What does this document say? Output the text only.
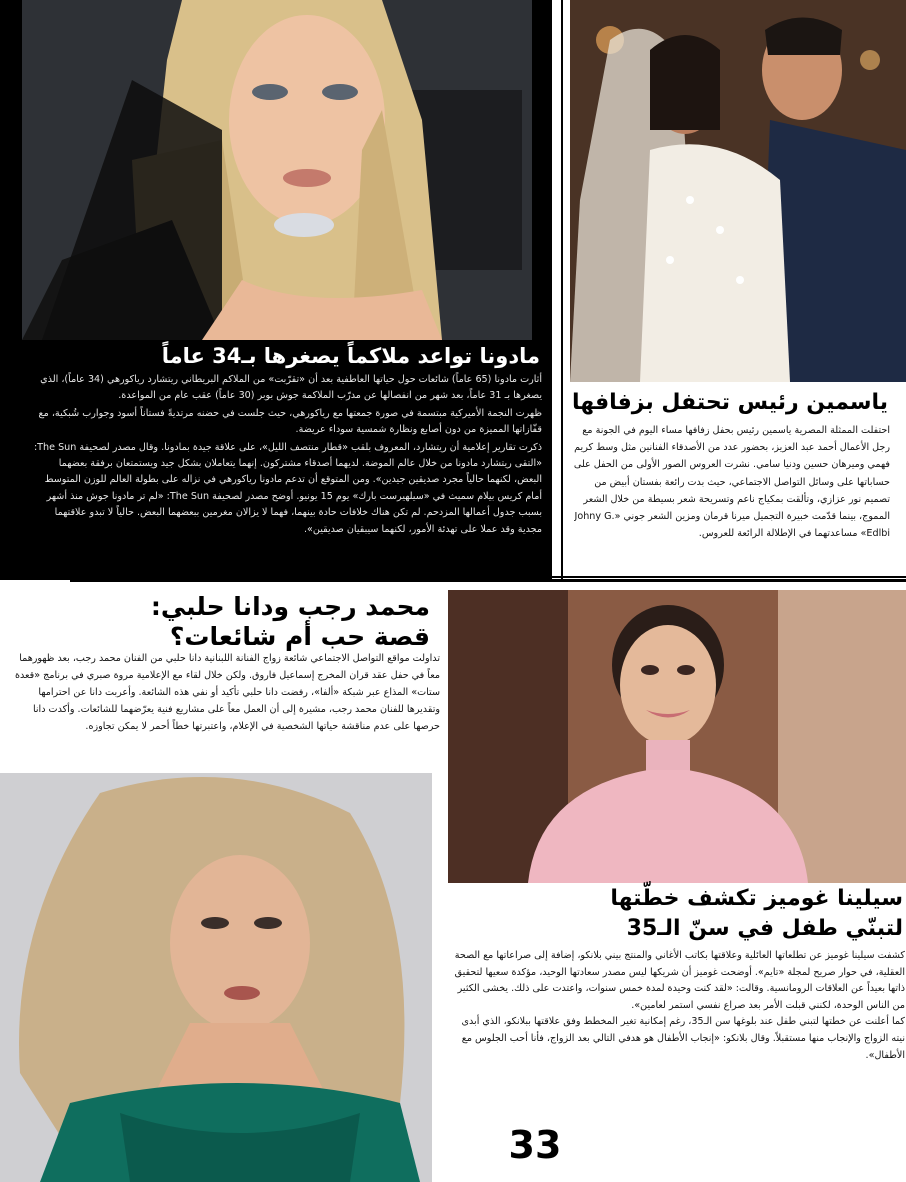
مادونا تواعد ملاكماً يصغرها بـ34 عاماً

أثارت مادونا (65 عاماً) شائعات حول حياتها العاطفية بعد أن «تقرّبت» من الملاكم البريطاني ريتشارد رياكورهي (34 عاماً)، الذي يصغرها بـ 31 عاماً، بعد شهر من انفصالها عن مدرّب الملاكمة جوش بوبر (30 عاماً) عقب عام من المواعدة.

ظهرت النجمة الأميركية مبتسمة في صورة جمعتها مع رياكورهي، حيث جلست في حضنه مرتديةً فستاناً أسود وجوارب شُبكية، مع قفّازاتها المميزة من دون أصابع ونظارة شمسية سوداء عريضة.

ذكرت تقارير إعلامية أن ريتشارد، المعروف بلقب «قطار منتصف الليل»، على علاقة جيدة بمادونا. وقال مصدر لصحيفة The Sun: «التقى ريتشارد مادونا من خلال عالم الموضة. لديهما أصدقاء مشتركون. إنهما يتعاملان بشكل جيد ويستمتعان برفقة بعضهما البعض، لكنهما حالياً مجرد صديقين جيدين». ومن المتوقع أن تدعم مادونا رياكورهي في نزاله على بطولة العالم للوزن المتوسط أمام كريس بيلام سميث في «سيلهيرست بارك» يوم 15 يونيو. أوضح مصدر لصحيفة The Sun: «لم تر مادونا جوش منذ أشهر بسبب جدول أعمالها المزدحم. لم تكن هناك خلافات حادة بينهما، فهما لا يزالان مغرمين ببعضهما البعض. حالياً لا تبدو علاقتهما مجدية وقد عملا على تهدئة الأمور، لكنهما سيبقيان صديقين».

ياسمين رئيس تحتفل بزفافها

احتفلت الممثلة المصرية ياسمين رئيس بحفل زفافها مساء اليوم في الجونة مع رجل الأعمال أحمد عبد العزيز، بحضور عدد من الأصدقاء الفنانين مثل وسط كريم فهمي وميرهان حسين ودنيا سامي. نشرت العروس الصور الأولى من الحفل على حساباتها على وسائل التواصل الاجتماعي، حيث بدت رائعة بفستان أبيض من تصميم نور عزازي، وتألقت بمكياج ناعم وتسريحة شعر بسيطة من خلال الشعر المموج، بينما قدّمت خبيرة التجميل ميرنا قرمان ومزين الشعر جوني «Johny G. Edlbi» مساعدتهما في الإطلالة الرائعة للعروس.

محمد رجب ودانا حلبي:
قصة حب أم شائعات؟

تداولت مواقع التواصل الاجتماعي شائعة زواج الفنانة اللبنانية دانا حلبي من الفنان محمد رجب، بعد ظهورهما معاً في حفل عقد قران المخرج إسماعيل فاروق. ولكن خلال لقاء مع الإعلامية مروة صبري في برنامج «قعدة ستات» المذاع عبر شبكة «ألفا»، رفضت دانا حلبي تأكيد أو نفي هذه الشائعة. وأعربت دانا عن احترامها وتقديرها للفنان محمد رجب، مشيرة إلى أن العمل معاً على مشاريع فنية يعرّضهما للشائعات. وأكدت دانا حرصها على عدم مناقشة حياتها الشخصية في الإعلام، واعتبرتها خطاً أحمر لا يمكن تجاوزه.

سيلينا غوميز تكشف خطّتها
لتبنّي طفل في سنّ الـ35

كشفت سيلينا غوميز عن تطلعاتها العائلية وعلاقتها بكاتب الأغاني والمنتج بيني بلانكو، إضافة إلى صراعاتها مع الصحة العقلية، في حوار صريح لمجلة «تايم». أوضحت غوميز أن شريكها ليس مصدر سعادتها الوحيد، مؤكدة سعيها لتحقيق ذاتها بعيداً عن العلاقات الرومانسية. وقالت: «لقد كنت وحيدة لمدة خمس سنوات، واعتدت على ذلك. يخشى الكثير من الناس الوحدة، لكنني قبلت الأمر بعد صراع نفسي استمر لعامين».

كما أعلنت عن خطتها لتبني طفل عند بلوغها سن الـ35، رغم إمكانية تغير المخطط وفق علاقتها ببلانكو، الذي أبدى نيته الزواج والإنجاب منها مستقبلاً. وقال بلانكو: «إنجاب الأطفال هو هدفي التالي بعد الزواج، فأنا أحب الجلوس مع الأطفال».

33
